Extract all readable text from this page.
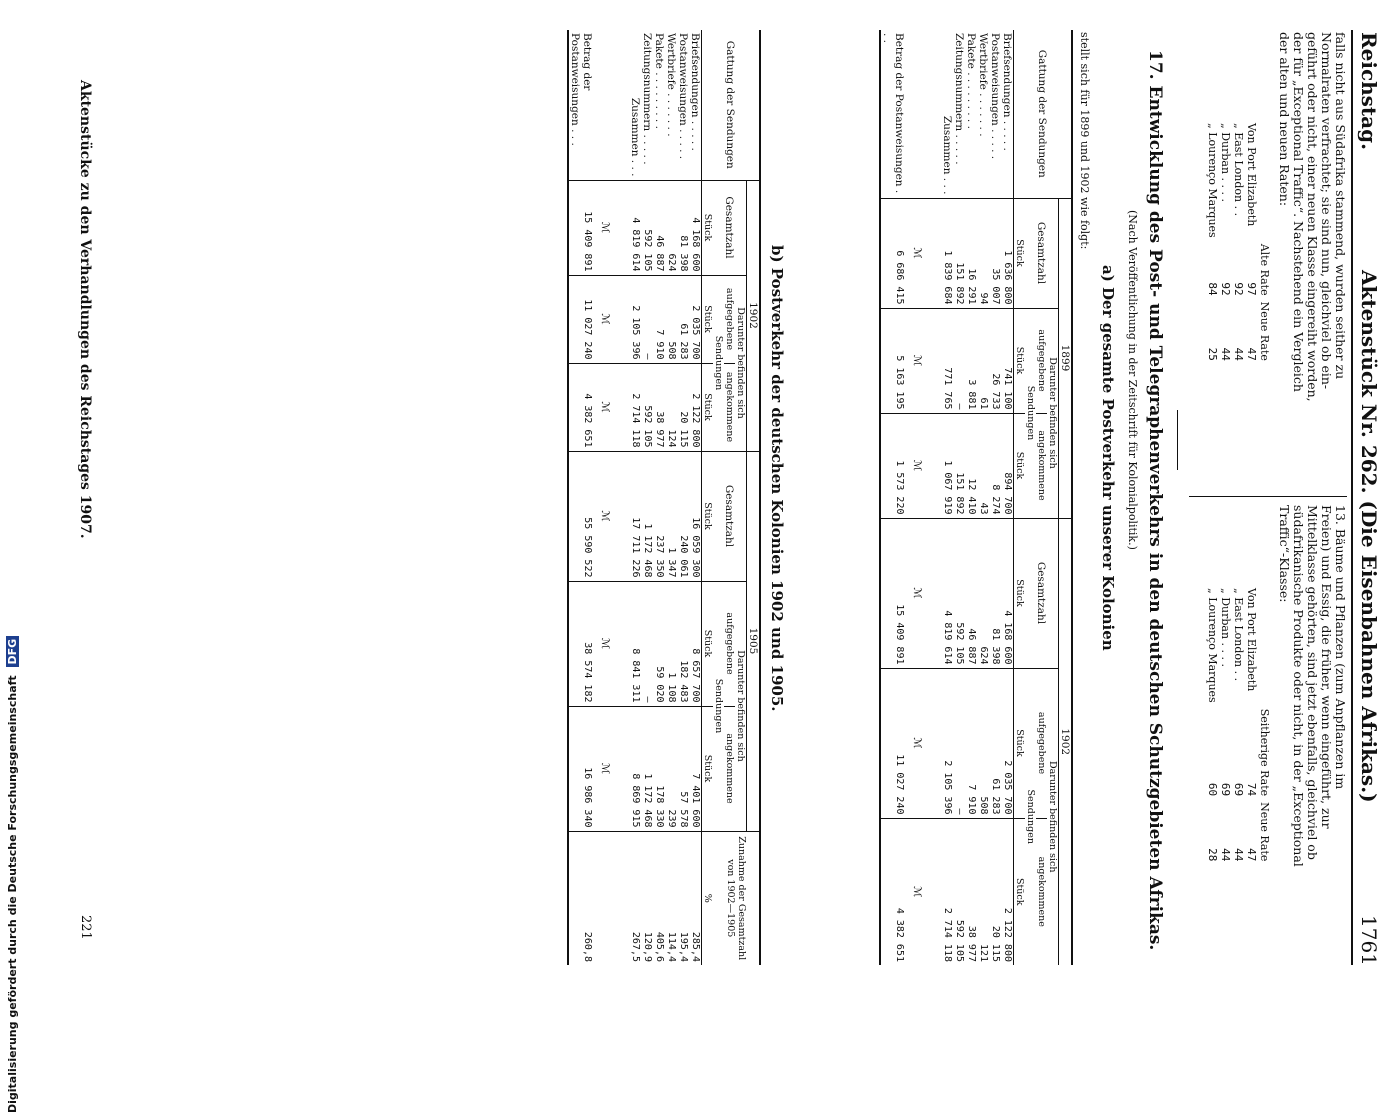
Reichstag.
Aktenstück Nr. 262. (Die Eisenbahnen Afrikas.)
1761
falls nicht aus Südafrika stammend, wurden seither zu
Normalraten verfrachtet; sie sind nun, gleichviel ob ein-
geführt oder nicht, einer neuen Klasse eingereiht worden,
der für „Exceptional Traffic“. Nachstehend ein Vergleich
der alten und neuen Raten:
	Alte Rate	Neue Rate
Von Port Elizabeth	97	47
„ East London . .	92	44
„ Durban . . . .	92	44
„ Lourenço Marques	84	25
13. Bäume und Pflanzen (zum Anpflanzen im
Freien) und Essig, die früher, wenn eingeführt, zur
Mittelklasse gehörten, sind jetzt ebenfalls, gleichviel ob
südafrikanische Produkte oder nicht, in der „Exceptional
Traffic“-Klasse:
	Seitherige Rate	Neue Rate
Von Port Elizabeth	74	47
„ East London . .	69	44
„ Durban . . . .	69	44
„ Lourenço Marques	60	28
17. Entwicklung des Post- und Telegraphenverkehrs in den deutschen Schutzgebieten Afrikas.
(Nach Veröffentlichung in der Zeitschrift für Kolonialpolitik.)
a) Der gesamte Postverkehr unserer Kolonien
stellt sich für 1899 und 1902 wie folgt:
Gattung der Sendungen	1899			1902		
	Gesamtzahl	Darunter befinden sich		Gesamtzahl	Darunter befinden sich	
		aufgegebene	angekommene		aufgegebene	angekommene
		Sendungen			Sendungen	
	Stück	Stück	Stück	Stück	Stück	Stück
Briefsendungen . . . . .	1 636 800	741 100	894 700	4 168 600	2 035 700	2 122 800
Postanweisungen . . . . .	35 007	26 733	8 274	81 398	61 283	20 115
Wertbriefe . . . . . . .	94	61	43	624	508	121
Pakete . . . . . . . . .	16 291	3 881	12 410	46 887	7 910	38 977
Zeitungsnummern . . . . .	151 892	—	151 892	592 105	—	592 105
Zusammen . . .	1 839 684	771 765	1 067 919	4 819 614	2 105 396	2 714 118
	ℳ	ℳ	ℳ	ℳ	ℳ	ℳ
Betrag der Postanweisungen . . .	6 686 415	5 163 195	1 573 220	15 409 891	11 027 240	4 382 651
b) Postverkehr der deutschen Kolonien 1902 und 1905.
Gattung der Sendungen	1902			1905			Zunahme der Gesamtzahl von 1902—1905
	Gesamtzahl	Darunter befinden sich		Gesamtzahl	Darunter befinden sich		
		aufgegebene	angekommene		aufgegebene	angekommene	
		Sendungen			Sendungen		
	Stück	Stück	Stück	Stück	Stück	Stück	%
Briefsendungen . . . . .	4 168 600	2 035 700	2 122 800	16 059 300	8 657 700	7 401 600	285,4
Postanweisungen . . . . .	81 398	61 283	20 115	240 061	182 483	57 578	195,4
Wertbriefe . . . . . . .	624	508	124	1 347	1 108	239	114,4
Pakete . . . . . . . . .	46 887	7 910	38 977	237 350	59 020	178 330	405,6
Zeitungsnummern . . . . .	592 105	—	592 105	1 172 468	—	1 172 468	120,9
Zusammen . . .	4 819 614	2 105 396	2 714 118	17 711 226	8 841 311	8 869 915	267,5
	ℳ	ℳ	ℳ	ℳ	ℳ	ℳ	
Betrag der Postanweisungen . . .	15 409 891	11 027 240	4 382 651	55 590 522	38 574 182	16 986 340	260,8
Aktenstücke zu den Verhandlungen des Reichstages 1907.
221
Digitalisierung gefördert durch die Deutsche Forschungsgemeinschaft DFG
